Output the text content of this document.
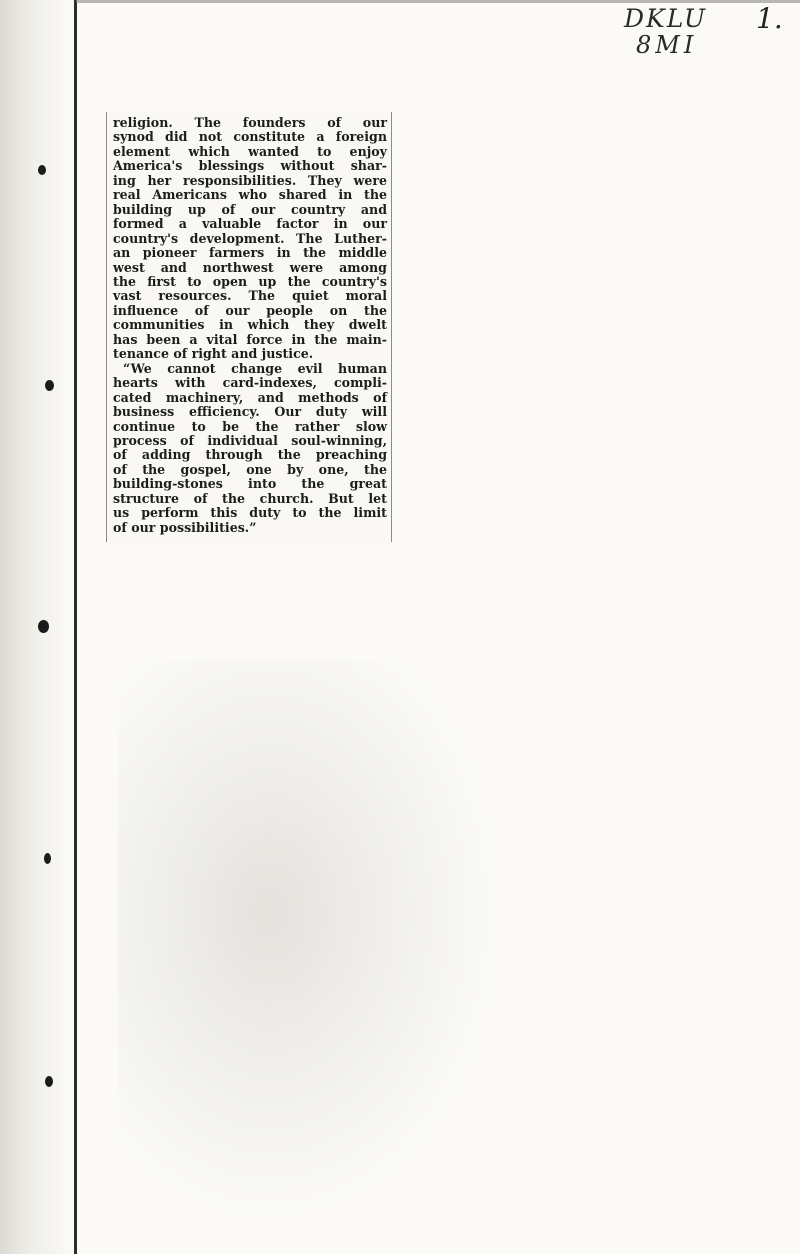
DKLU
8MI
1.
religion. The founders of our
synod did not constitute a foreign
element which wanted to enjoy
America's blessings without shar-
ing her responsibilities. They were
real Americans who shared in the
building up of our country and
formed a valuable factor in our
country's development. The Luther-
an pioneer farmers in the middle
west and northwest were among
the first to open up the country's
vast resources. The quiet moral
influence of our people on the
communities in which they dwelt
has been a vital force in the main-
tenance of right and justice.
“We cannot change evil human
hearts with card-indexes, compli-
cated machinery, and methods of
business efficiency. Our duty will
continue to be the rather slow
process of individual soul-winning,
of adding through the preaching
of the gospel, one by one, the
building-stones into the great
structure of the church. But let
us perform this duty to the limit
of our possibilities.”
